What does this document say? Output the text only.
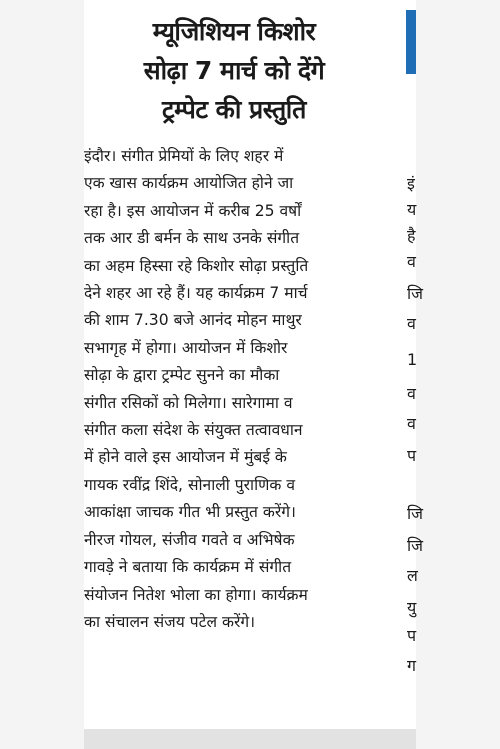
म्यूजिशियन किशोर
सोढ़ा 7 मार्च को देंगे
ट्रम्पेट की प्रस्तुति
इंदौर। संगीत प्रेमियों के लिए शहर में
एक खास कार्यक्रम आयोजित होने जा
रहा है। इस आयोजन में करीब 25 वर्षों
तक आर डी बर्मन के साथ उनके संगीत
का अहम हिस्सा रहे किशोर सोढ़ा प्रस्तुति
देने शहर आ रहे हैं। यह कार्यक्रम 7 मार्च
की शाम 7.30 बजे आनंद मोहन माथुर
सभागृह में होगा। आयोजन में किशोर
सोढ़ा के द्वारा ट्रम्पेट सुनने का मौका
संगीत रसिकों को मिलेगा। सारेगामा व
संगीत कला संदेश के संयुक्त तत्वावधान
में होने वाले इस आयोजन में मुंबई के
गायक रवींद्र शिंदे, सोनाली पुराणिक व
आकांक्षा जाचक गीत भी प्रस्तुत करेंगे।
नीरज गोयल, संजीव गवते व अभिषेक
गावड़े ने बताया कि कार्यक्रम में संगीत
संयोजन नितेश भोला का होगा। कार्यक्रम
का संचालन संजय पटेल करेंगे।
इं
य
है
व
जि
व
1
व
व
प
जि
जि
ल
यु
प
ग
